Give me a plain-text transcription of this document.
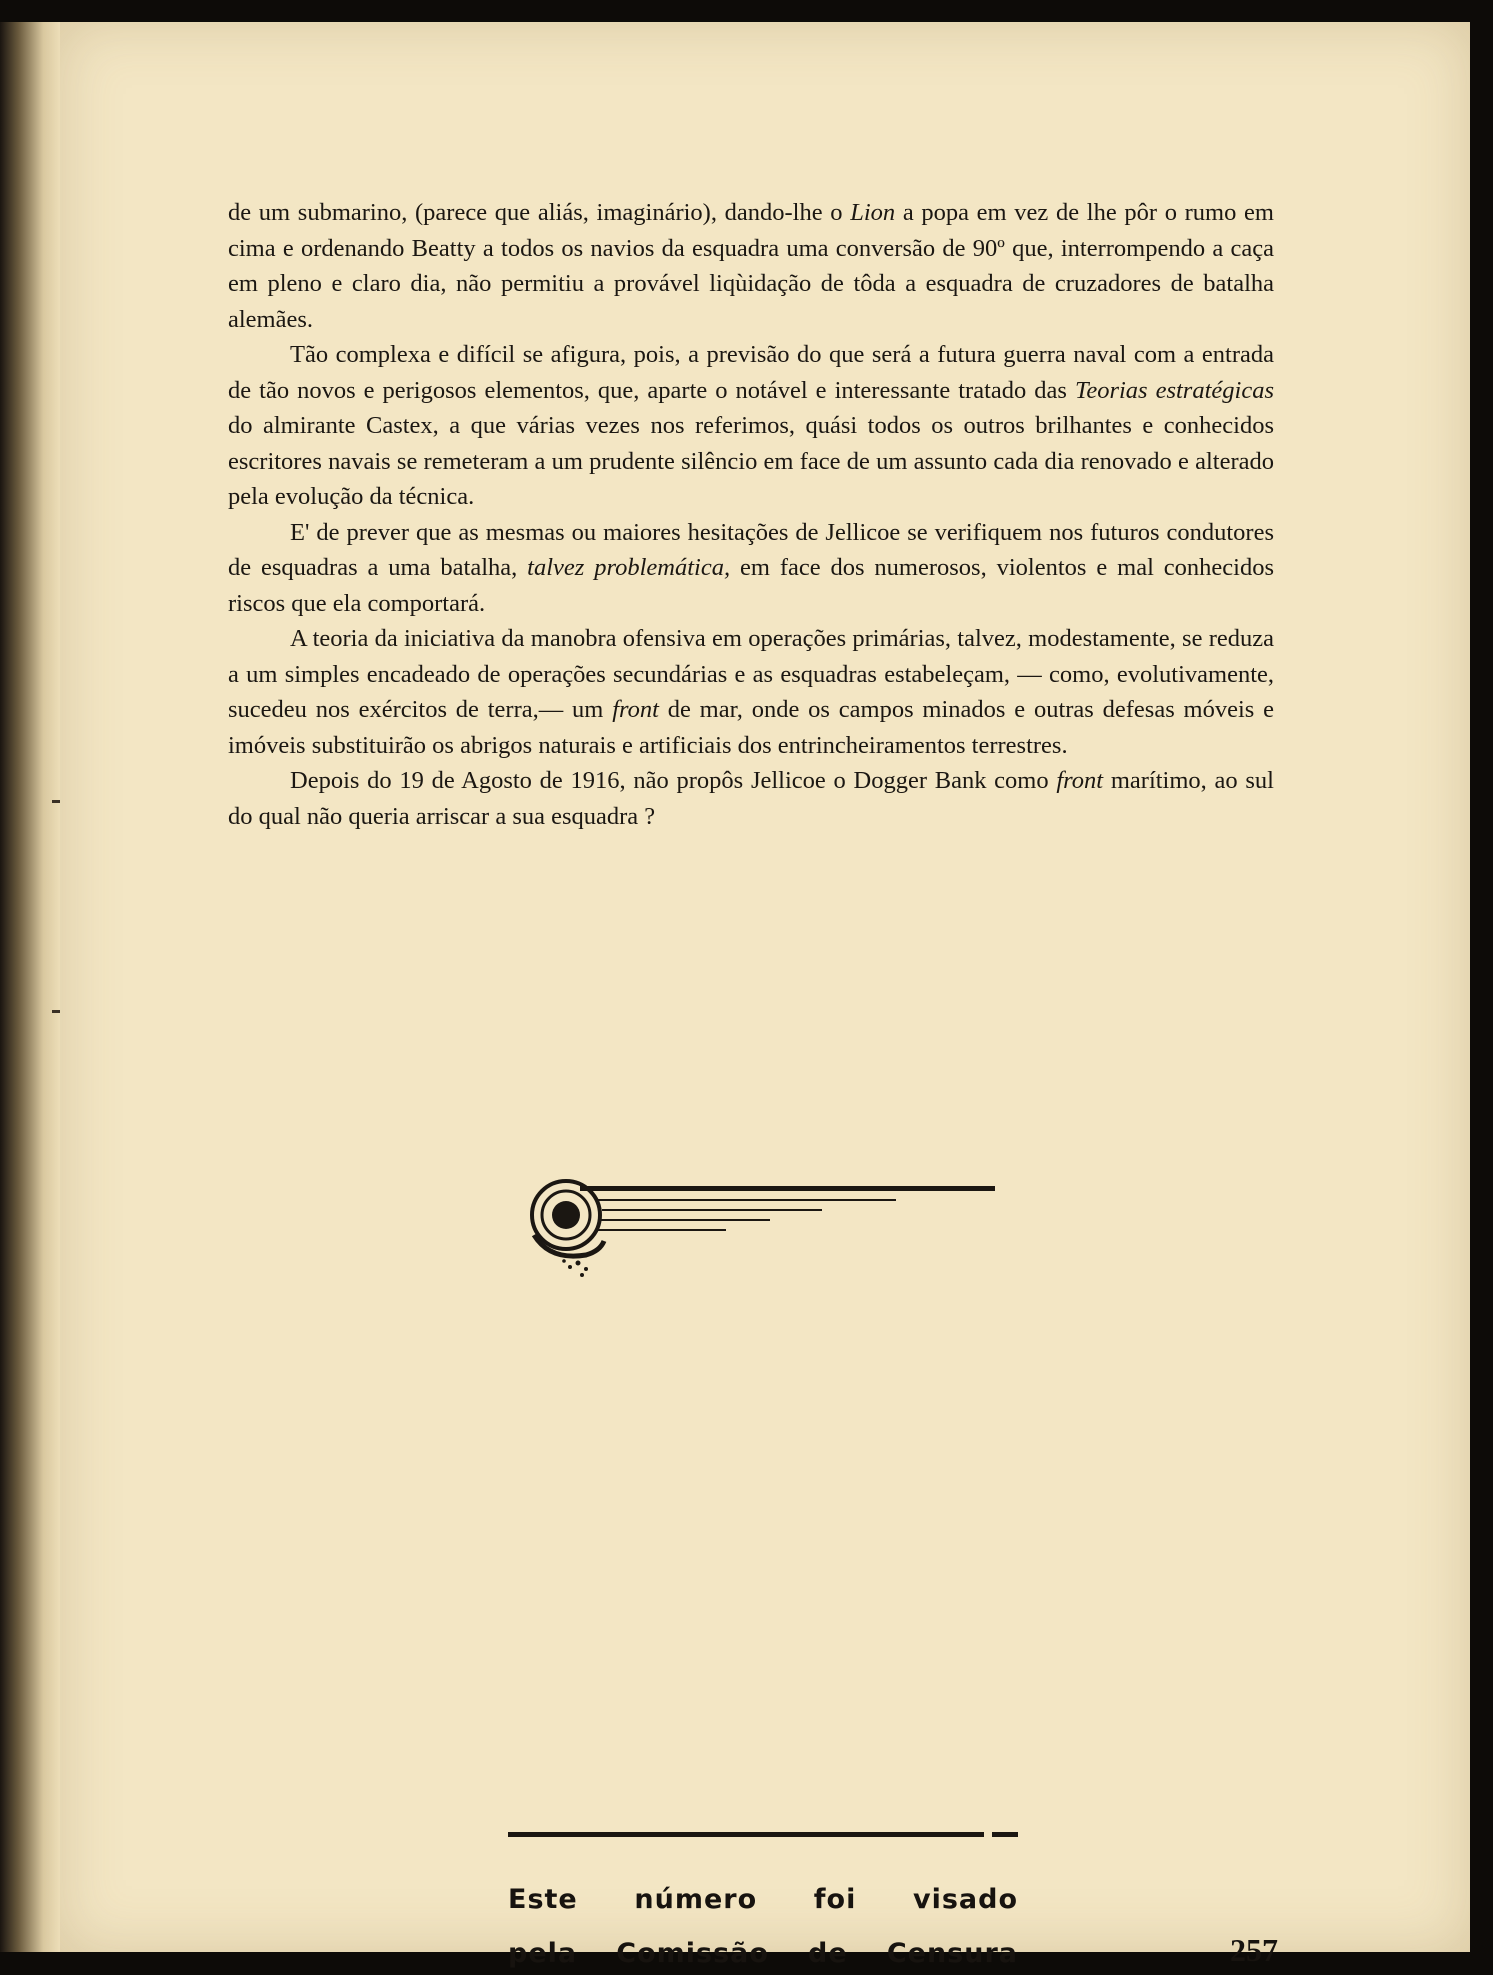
de um submarino, (parece que aliás, imaginário), dando-lhe o Lion a popa em vez de lhe pôr o rumo em cima e ordenando Beatty a todos os navios da esquadra uma conversão de 90º que, interrompendo a caça em pleno e claro dia, não permitiu a provável liqùidação de tôda a esquadra de cruzadores de batalha alemães.

Tão complexa e difícil se afigura, pois, a previsão do que será a futura guerra naval com a entrada de tão novos e perigosos elementos, que, aparte o notável e interessante tratado das Teorias estratégicas do almirante Castex, a que várias vezes nos referimos, quási todos os outros brilhantes e conhecidos escritores navais se remeteram a um prudente silêncio em face de um assunto cada dia renovado e alterado pela evolução da técnica.

E' de prever que as mesmas ou maiores hesitações de Jellicoe se verifiquem nos futuros condutores de esquadras a uma batalha, talvez problemática, em face dos numerosos, violentos e mal conhecidos riscos que ela comportará.

A teoria da iniciativa da manobra ofensiva em operações primárias, talvez, modestamente, se reduza a um simples encadeado de operações secundárias e as esquadras estabeleçam, — como, evolutivamente, sucedeu nos exércitos de terra,— um front de mar, onde os campos minados e outras defesas móveis e imóveis substituirão os abrigos naturais e artificiais dos entrincheiramentos terrestres.

Depois do 19 de Agosto de 1916, não propôs Jellicoe o Dogger Bank como front marítimo, ao sul do qual não queria arriscar a sua esquadra ?

Este número foi visado
pela Comissão de Censura	257
